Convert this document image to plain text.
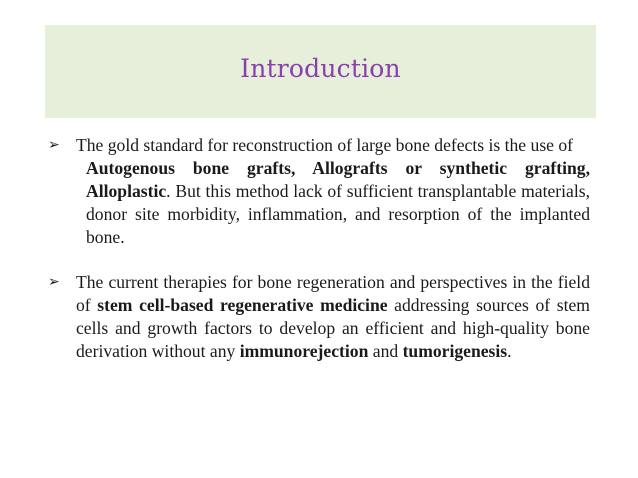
Introduction
➢ The gold standard for reconstruction of large bone defects is the use of
Autogenous bone grafts, Allografts or synthetic grafting, Alloplastic. But this method lack of sufficient transplantable materials, donor site morbidity, inflammation, and resorption of the implanted bone.
➢ The current therapies for bone regeneration and perspectives in the field of stem cell-based regenerative medicine addressing sources of stem cells and growth factors to develop an efficient and high-quality bone derivation without any immunorejection and tumorigenesis.
